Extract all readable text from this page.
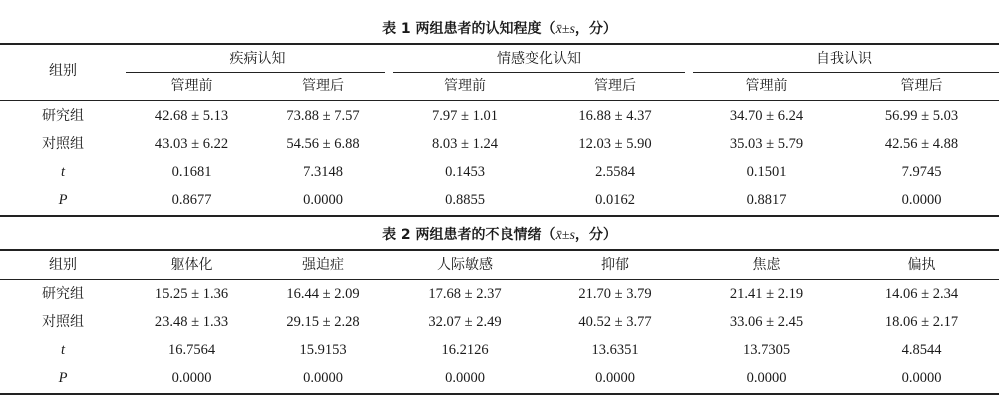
表 1 两组患者的认知程度（x̄±s，分）
组别
疾病认知	情感变化认知	自我认识
管理前	管理后	管理前	管理后	管理前	管理后
研究组	42.68 ± 5.13	73.88 ± 7.57	7.97 ± 1.01	16.88 ± 4.37	34.70 ± 6.24	56.99 ± 5.03
对照组	43.03 ± 6.22	54.56 ± 6.88	8.03 ± 1.24	12.03 ± 5.90	35.03 ± 5.79	42.56 ± 4.88
t	0.1681	7.3148	0.1453	2.5584	0.1501	7.9745
P	0.8677	0.0000	0.8855	0.0162	0.8817	0.0000
表 2 两组患者的不良情绪（x̄±s，分）
组别	躯体化	强迫症	人际敏感	抑郁	焦虑	偏执
研究组	15.25 ± 1.36	16.44 ± 2.09	17.68 ± 2.37	21.70 ± 3.79	21.41 ± 2.19	14.06 ± 2.34
对照组	23.48 ± 1.33	29.15 ± 2.28	32.07 ± 2.49	40.52 ± 3.77	33.06 ± 2.45	18.06 ± 2.17
t	16.7564	15.9153	16.2126	13.6351	13.7305	4.8544
P	0.0000	0.0000	0.0000	0.0000	0.0000	0.0000
